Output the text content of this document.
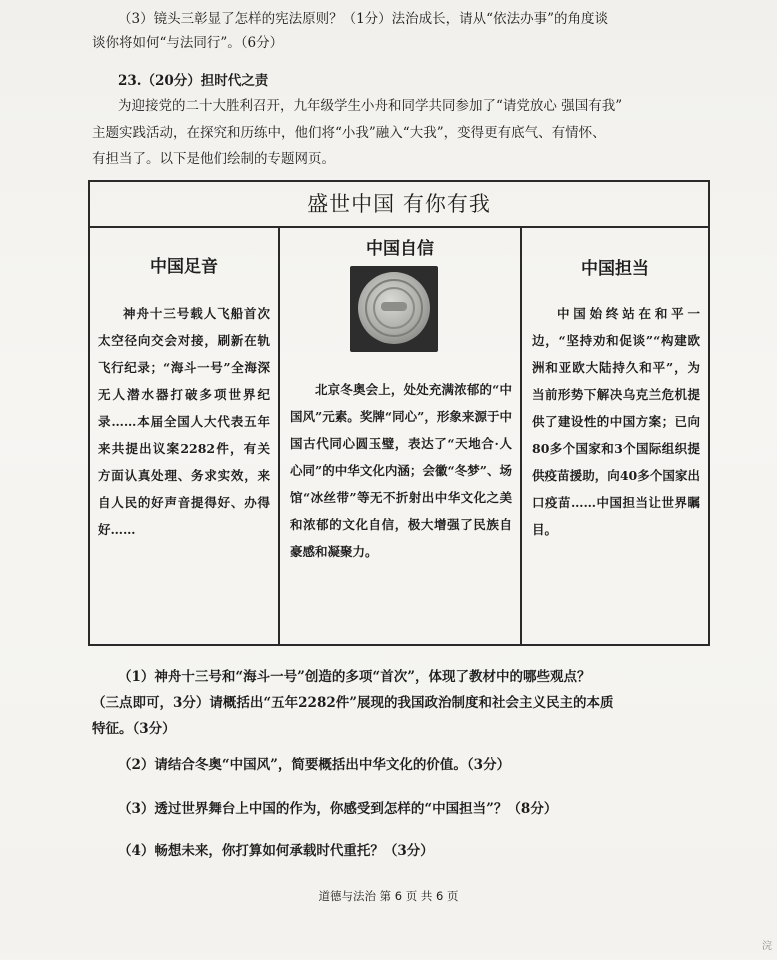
（3）镜头三彰显了怎样的宪法原则？（1分）法治成长，请从“依法办事”的角度谈
谈你将如何“与法同行”。（6分）
23.（20分）担时代之责
为迎接党的二十大胜利召开，九年级学生小舟和同学共同参加了“请党放心 强国有我”
主题实践活动，在探究和历练中，他们将“小我”融入“大我”，变得更有底气、有情怀、
有担当了。以下是他们绘制的专题网页。
盛世中国 有你有我
中国足音
神舟十三号载人飞船首次太空径向交会对接，刷新在轨飞行纪录；“海斗一号”全海深无人潜水器打破多项世界纪录……本届全国人大代表五年来共提出议案2282件，有关方面认真处理、务求实效，来自人民的好声音提得好、办得好……
中国自信
北京冬奥会上，处处充满浓郁的“中国风”元素。奖牌“同心”，形象来源于中国古代同心圆玉璧，表达了“天地合·人心同”的中华文化内涵；会徽“冬梦”、场馆“冰丝带”等无不折射出中华文化之美和浓郁的文化自信，极大增强了民族自豪感和凝聚力。
中国担当
中国始终站在和平一边，“坚持劝和促谈”“构建欧洲和亚欧大陆持久和平”，为当前形势下解决乌克兰危机提供了建设性的中国方案；已向80多个国家和3个国际组织提供疫苗援助，向40多个国家出口疫苗……中国担当让世界瞩目。
（1）神舟十三号和“海斗一号”创造的多项“首次”，体现了教材中的哪些观点？
（三点即可，3分）请概括出“五年2282件”展现的我国政治制度和社会主义民主的本质
特征。（3分）
（2）请结合冬奥“中国风”，简要概括出中华文化的价值。（3分）
（3）透过世界舞台上中国的作为，你感受到怎样的“中国担当”？（8分）
（4）畅想未来，你打算如何承载时代重托？（3分）
道德与法治 第 6 页 共 6 页
浣
